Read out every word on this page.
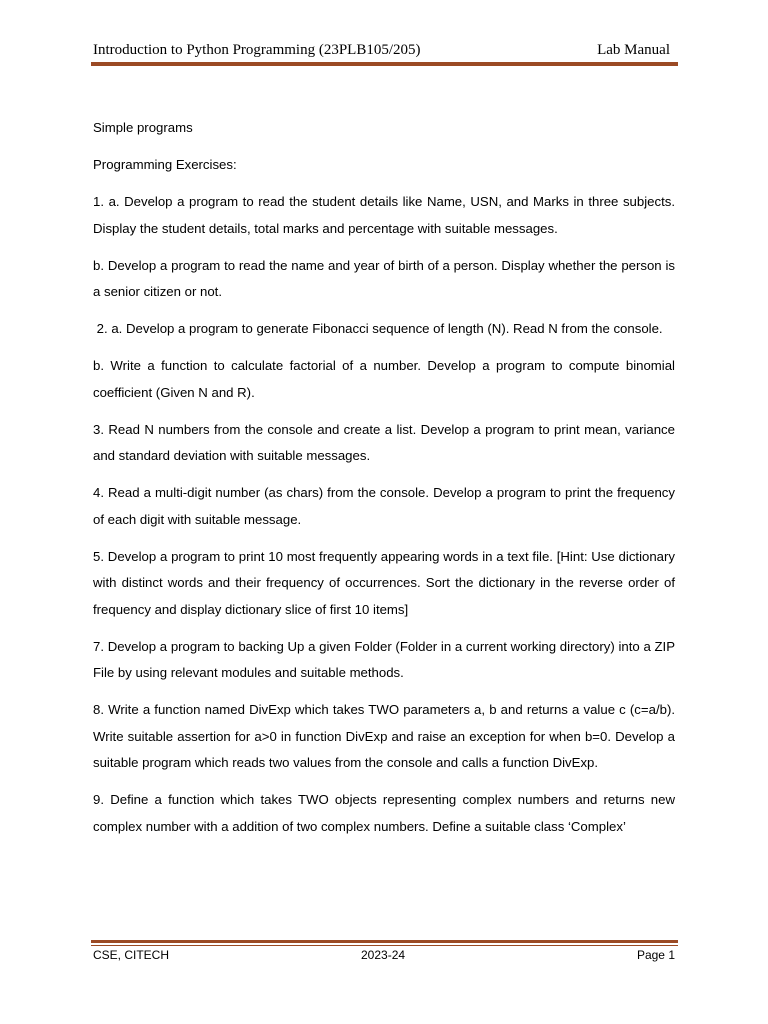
Introduction to Python Programming (23PLB105/205)	Lab Manual

Simple programs

Programming Exercises:

1. a. Develop a program to read the student details like Name, USN, and Marks in three subjects. Display the student details, total marks and percentage with suitable messages.

b. Develop a program to read the name and year of birth of a person. Display whether the person is a senior citizen or not.

2. a. Develop a program to generate Fibonacci sequence of length (N). Read N from the console.

b. Write a function to calculate factorial of a number. Develop a program to compute binomial coefficient (Given N and R).

3. Read N numbers from the console and create a list. Develop a program to print mean, variance and standard deviation with suitable messages.

4. Read a multi-digit number (as chars) from the console. Develop a program to print the frequency of each digit with suitable message.

5. Develop a program to print 10 most frequently appearing words in a text file. [Hint: Use dictionary with distinct words and their frequency of occurrences. Sort the dictionary in the reverse order of frequency and display dictionary slice of first 10 items]

7. Develop a program to backing Up a given Folder (Folder in a current working directory) into a ZIP File by using relevant modules and suitable methods.

8. Write a function named DivExp which takes TWO parameters a, b and returns a value c (c=a/b). Write suitable assertion for a>0 in function DivExp and raise an exception for when b=0. Develop a suitable program which reads two values from the console and calls a function DivExp.

9. Define a function which takes TWO objects representing complex numbers and returns new complex number with a addition of two complex numbers. Define a suitable class ‘Complex’

CSE, CITECH	2023-24	Page 1
